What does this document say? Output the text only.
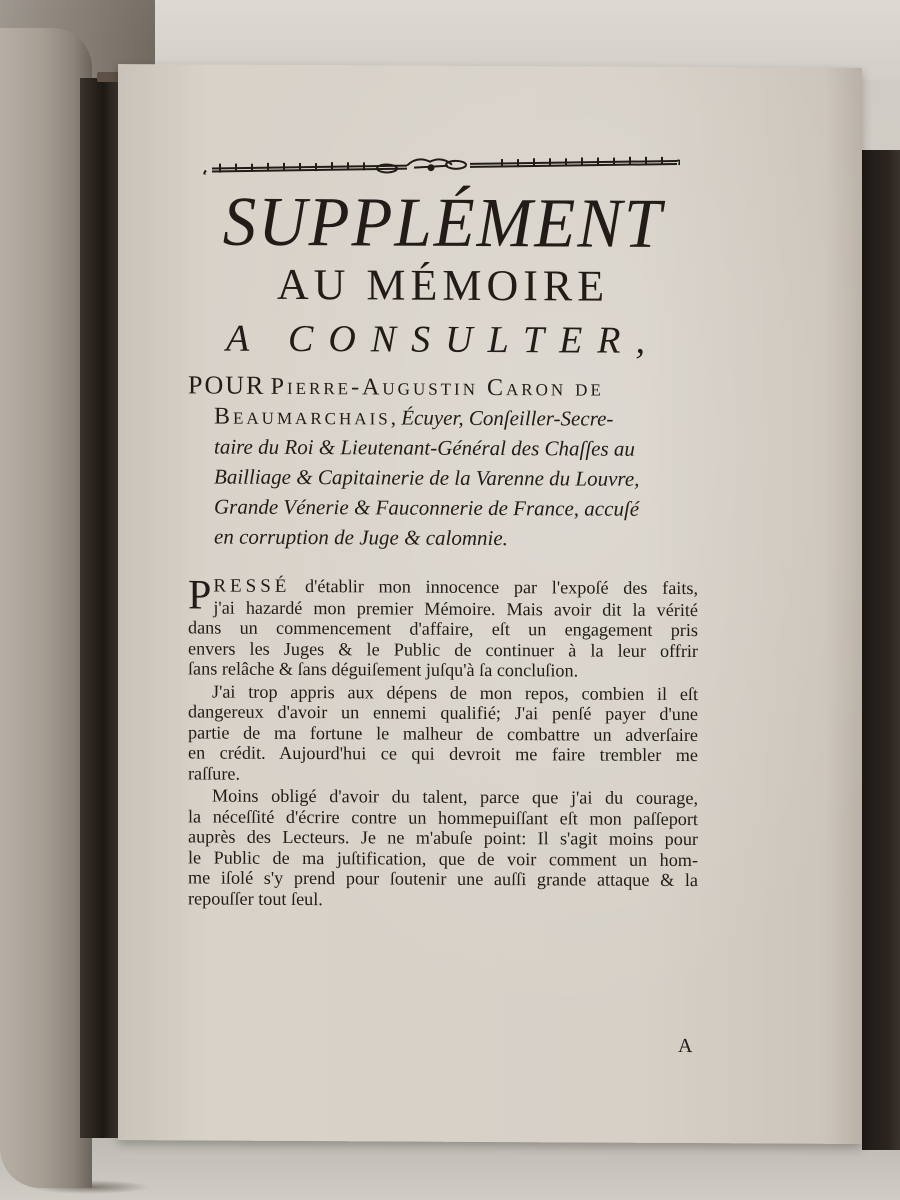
SUPPLÉMENT
AU MÉMOIRE
A CONSULTER,
POUR Pierre-Augustin Caron de
Beaumarchais, Écuyer, Conſeiller-Secre-
taire du Roi & Lieutenant-Général des Chaſſes au
Bailliage & Capitainerie de la Varenne du Louvre,
Grande Vénerie & Fauconnerie de France, accuſé
en corruption de Juge & calomnie.

PRESSÉ d'établir mon innocence par l'expoſé des faits,
j'ai hazardé mon premier Mémoire. Mais avoir dit la vérité
dans un commencement d'affaire, eſt un engagement pris
envers les Juges & le Public de continuer à la leur offrir
ſans relâche & ſans déguiſement juſqu'à ſa concluſion.

J'ai trop appris aux dépens de mon repos, combien il eſt
dangereux d'avoir un ennemi qualifié; J'ai penſé payer d'une
partie de ma fortune le malheur de combattre un adverſaire
en crédit. Aujourd'hui ce qui devroit me faire trembler me
raſſure.

Moins obligé d'avoir du talent, parce que j'ai du courage,
la néceſſité d'écrire contre un hommepuiſſant eſt mon paſſeport
auprès des Lecteurs. Je ne m'abuſe point: Il s'agit moins pour
le Public de ma juſtification, que de voir comment un hom-
me iſolé s'y prend pour ſoutenir une auſſi grande attaque & la
repouſſer tout ſeul.

A
